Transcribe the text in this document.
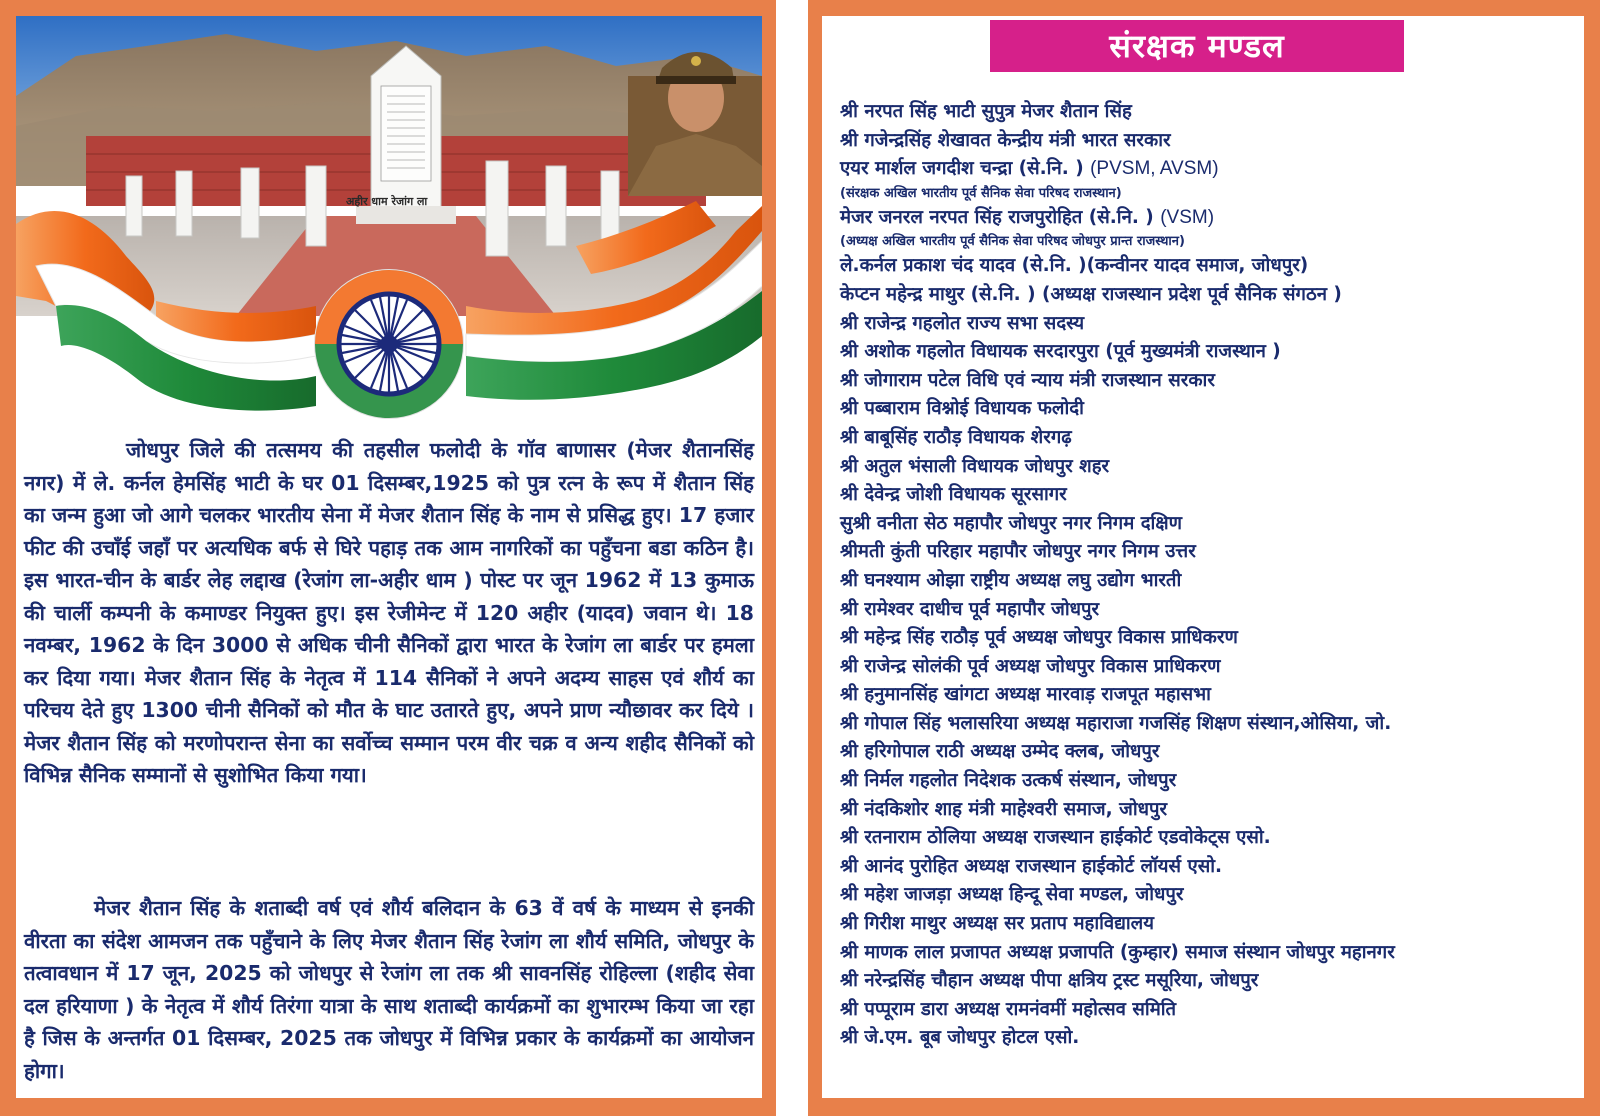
अहीर धाम रेजांग ला

जोधपुर जिले की तत्समय की तहसील फलोदी के गॉव बाणासर (मेजर शैतानसिंह नगर) में ले. कर्नल हेमसिंह भाटी के घर 01 दिसम्बर,1925 को पुत्र रत्न के रूप में शैतान सिंह का जन्म हुआ जो आगे चलकर भारतीय सेना में मेजर शैतान सिंह के नाम से प्रसिद्ध हुए। 17 हजार फीट की उचाँई जहाँ पर अत्यधिक बर्फ से घिरे पहाड़ तक आम नागरिकों का पहुँचना बडा कठिन है। इस भारत-चीन के बार्डर लेह लद्दाख (रेजांग ला-अहीर धाम ) पोस्ट पर जून 1962 में 13 कुमाऊ की चार्ली कम्पनी के कमाण्डर नियुक्त हुए। इस रेजीमेन्ट में 120 अहीर (यादव) जवान थे। 18 नवम्बर, 1962 के दिन 3000 से अधिक चीनी सैनिकों द्वारा भारत के रेजांग ला बार्डर पर हमला कर दिया गया। मेजर शैतान सिंह के नेतृत्व में 114 सैनिकों ने अपने अदम्य साहस एवं शौर्य का परिचय देते हुए 1300 चीनी सैनिकों को मौत के घाट उतारते हुए, अपने प्राण न्यौछावर कर दिये । मेजर शैतान सिंह को मरणोपरान्त सेना का सर्वोच्च सम्मान परम वीर चक्र व अन्य शहीद सैनिकों को विभिन्न सैनिक सम्मानों से सुशोभित किया गया।

मेजर शैतान सिंह के शताब्दी वर्ष एवं शौर्य बलिदान के 63 वें वर्ष के माध्यम से इनकी वीरता का संदेश आमजन तक पहुँचाने के लिए मेजर शैतान सिंह रेजांग ला शौर्य समिति, जोधपुर के तत्वावधान में 17 जून, 2025 को जोधपुर से रेजांग ला तक श्री सावनसिंह रोहिल्ला (शहीद सेवा दल हरियाणा ) के नेतृत्व में शौर्य तिरंगा यात्रा के साथ शताब्दी कार्यक्रमों का शुभारम्भ किया जा रहा है जिस के अन्तर्गत 01 दिसम्बर, 2025 तक जोधपुर में विभिन्न प्रकार के कार्यक्रमों का आयोजन होगा।

संरक्षक मण्डल
श्री नरपत सिंह भाटी सुपुत्र मेजर शैतान सिंह
श्री गजेन्द्रसिंह शेखावत केन्द्रीय मंत्री भारत सरकार
एयर मार्शल जगदीश चन्द्रा (से.नि. ) (PVSM, AVSM)
(संरक्षक अखिल भारतीय पूर्व सैनिक सेवा परिषद राजस्थान)
मेजर जनरल नरपत सिंह राजपुरोहित (से.नि. ) (VSM)
(अध्यक्ष अखिल भारतीय पूर्व सैनिक सेवा परिषद जोधपुर प्रान्त राजस्थान)
ले.कर्नल प्रकाश चंद यादव (से.नि. )(कन्वीनर यादव समाज, जोधपुर)
केप्टन महेन्द्र माथुर (से.नि. ) (अध्यक्ष राजस्थान प्रदेश पूर्व सैनिक संगठन )
श्री राजेन्द्र गहलोत राज्य सभा सदस्य
श्री अशोक गहलोत विधायक सरदारपुरा (पूर्व मुख्यमंत्री राजस्थान )
श्री जोगाराम पटेल विधि एवं न्याय मंत्री राजस्थान सरकार
श्री पब्बाराम विश्नोई विधायक फलोदी
श्री बाबूसिंह राठौड़ विधायक शेरगढ़
श्री अतुल भंसाली विधायक जोधपुर शहर
श्री देवेन्द्र जोशी विधायक सूरसागर
सुश्री वनीता सेठ महापौर जोधपुर नगर निगम दक्षिण
श्रीमती कुंती परिहार महापौर जोधपुर नगर निगम उत्तर
श्री घनश्याम ओझा राष्ट्रीय अध्यक्ष लघु उद्योग भारती
श्री रामेश्वर दाधीच पूर्व महापौर जोधपुर
श्री महेन्द्र सिंह राठौड़ पूर्व अध्यक्ष जोधपुर विकास प्राधिकरण
श्री राजेन्द्र सोलंकी पूर्व अध्यक्ष जोधपुर विकास प्राधिकरण
श्री हनुमानसिंह खांगटा अध्यक्ष मारवाड़ राजपूत महासभा
श्री गोपाल सिंह भलासरिया अध्यक्ष महाराजा गजसिंह शिक्षण संस्थान,ओसिया, जो.
श्री हरिगोपाल राठी अध्यक्ष उम्मेद क्लब, जोधपुर
श्री निर्मल गहलोत निदेशक उत्कर्ष संस्थान, जोधपुर
श्री नंदकिशोर शाह मंत्री माहेश्वरी समाज, जोधपुर
श्री रतनाराम ठोलिया अध्यक्ष राजस्थान हाईकोर्ट एडवोकेट्स एसो.
श्री आनंद पुरोहित अध्यक्ष राजस्थान हाईकोर्ट लॉयर्स एसो.
श्री महेश जाजड़ा अध्यक्ष हिन्दू सेवा मण्डल, जोधपुर
श्री गिरीश माथुर अध्यक्ष सर प्रताप महाविद्यालय
श्री माणक लाल प्रजापत अध्यक्ष प्रजापति (कुम्हार) समाज संस्थान जोधपुर महानगर
श्री नरेन्द्रसिंह चौहान अध्यक्ष पीपा क्षत्रिय ट्रस्ट मसूरिया, जोधपुर
श्री पप्पूराम डारा अध्यक्ष रामनंवमीं महोत्सव समिति
श्री जे.एम. बूब जोधपुर होटल एसो.
